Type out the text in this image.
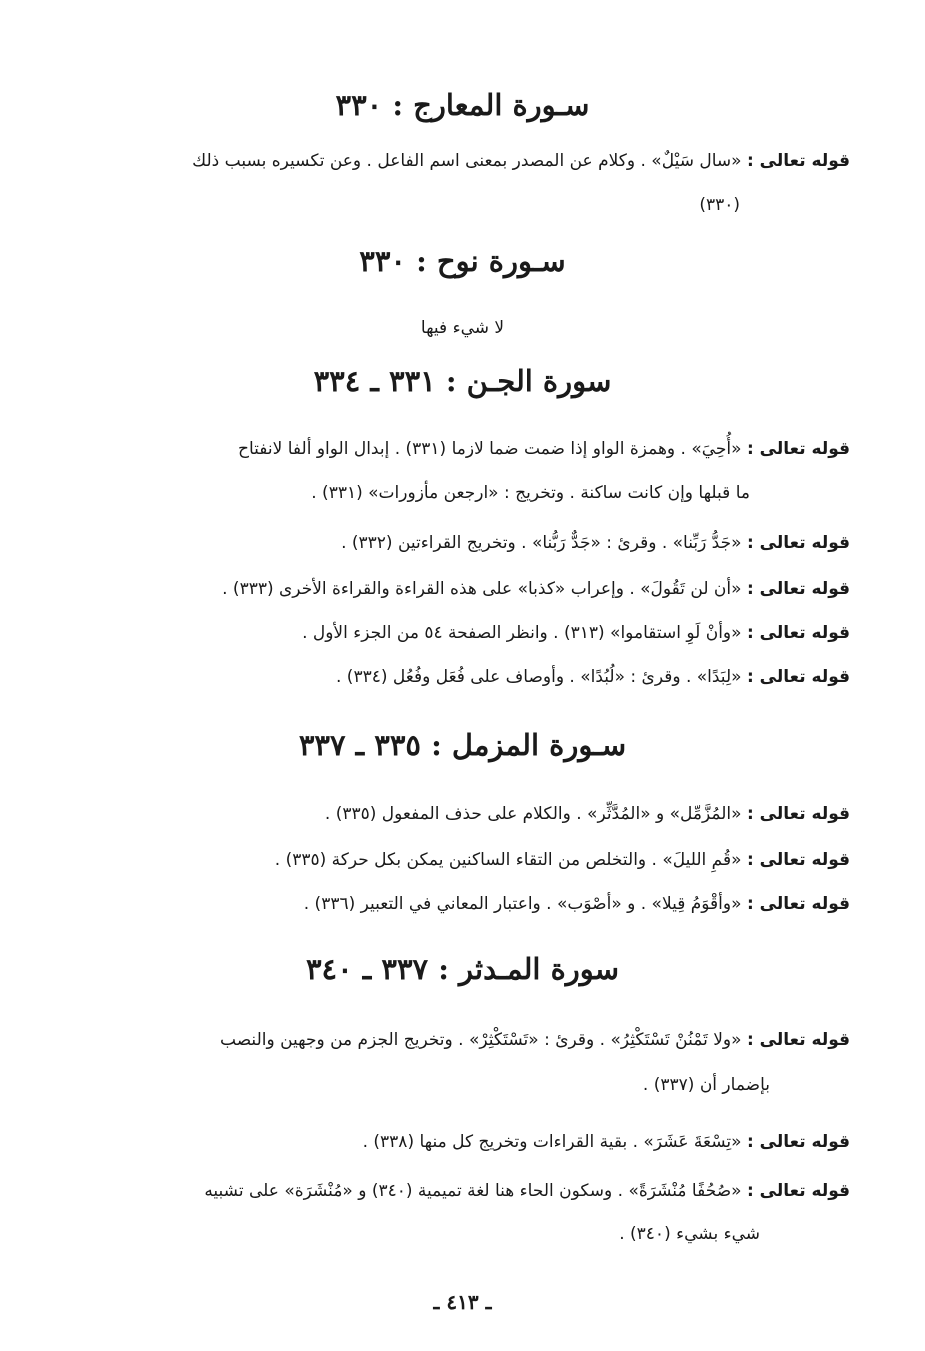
سـورة المعارج : ٣٣٠
قوله تعالى : «سال سَيْلٌ» . وكلام عن المصدر بمعنى اسم الفاعل . وعن تكسيره بسبب ذلك
(٣٣٠)
سـورة نوح : ٣٣٠
لا شيء فيها
سورة الجـن : ٣٣١ ـ ٣٣٤
قوله تعالى : «أُحِيَ» . وهمزة الواو إذا ضمت ضما لازما (٣٣١) . إبدال الواو ألفا لانفتاح
ما قبلها وإن كانت ساكنة . وتخريج : «ارجعن مأزورات» (٣٣١) .
قوله تعالى : «جَدُّ رَبِّنا» . وقرئ : «جَدٌّ رَبُّنا» . وتخريج القراءتين (٣٣٢) .
قوله تعالى : «أن لن تَقُولَ» . وإعراب «كذبا» على هذه القراءة والقراءة الأخرى (٣٣٣) .
قوله تعالى : «وأنْ لَوِ استقاموا» (٣١٣) . وانظر الصفحة ٥٤ من الجزء الأول .
قوله تعالى : «لِبَدًا» . وقرئ : «لُبُدًا» . وأوصاف على فُعَل وفُعُل (٣٣٤) .
سـورة المزمل : ٣٣٥ ـ ٣٣٧
قوله تعالى : «المُزَّمِّل» و «المُدَّثِّر» . والكلام على حذف المفعول (٣٣٥) .
قوله تعالى : «قُمِ الليلَ» . والتخلص من التقاء الساكنين يمكن بكل حركة (٣٣٥) .
قوله تعالى : «وأقْوَمُ قِيلا» . و «أصْوَب» . واعتبار المعاني في التعبير (٣٣٦) .
سورة المـدثر : ٣٣٧ ـ ٣٤٠
قوله تعالى : «ولا تَمْنُنْ تَسْتَكْثِرُ» . وقرئ : «تَسْتَكْثِرْ» . وتخريج الجزم من وجهين والنصب
بإضمار أن (٣٣٧) .
قوله تعالى : «تِسْعَةَ عَشَرَ» . بقية القراءات وتخريج كل منها (٣٣٨) .
قوله تعالى : «صُحُفًا مُنْشَرَةً» . وسكون الحاء هنا لغة تميمية (٣٤٠) و «مُنْشَرَة» على تشبيه
شيء بشيء (٣٤٠) .
ـ ٤١٣ ـ
